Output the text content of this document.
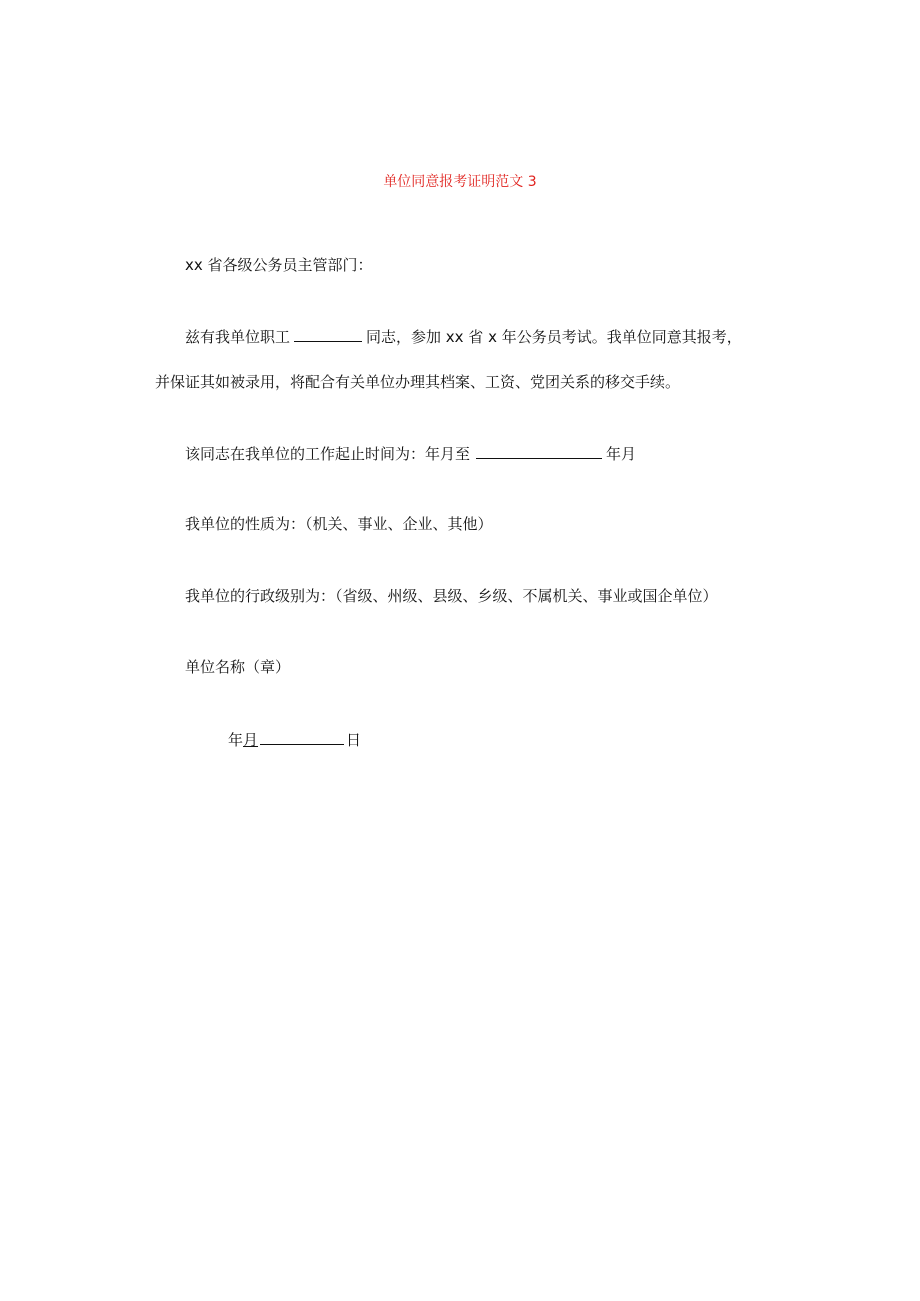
单位同意报考证明范文 3
xx 省各级公务员主管部门：
兹有我单位职工	同志，参加 xx 省 x 年公务员考试。我单位同意其报考，
并保证其如被录用，将配合有关单位办理其档案、工资、党团关系的移交手续。
该同志在我单位的工作起止时间为：年月至	年月
我单位的性质为：（机关、事业、企业、其他）
我单位的行政级别为：（省级、州级、县级、乡级、不属机关、事业或国企单位）
单位名称（章）
年月	日
